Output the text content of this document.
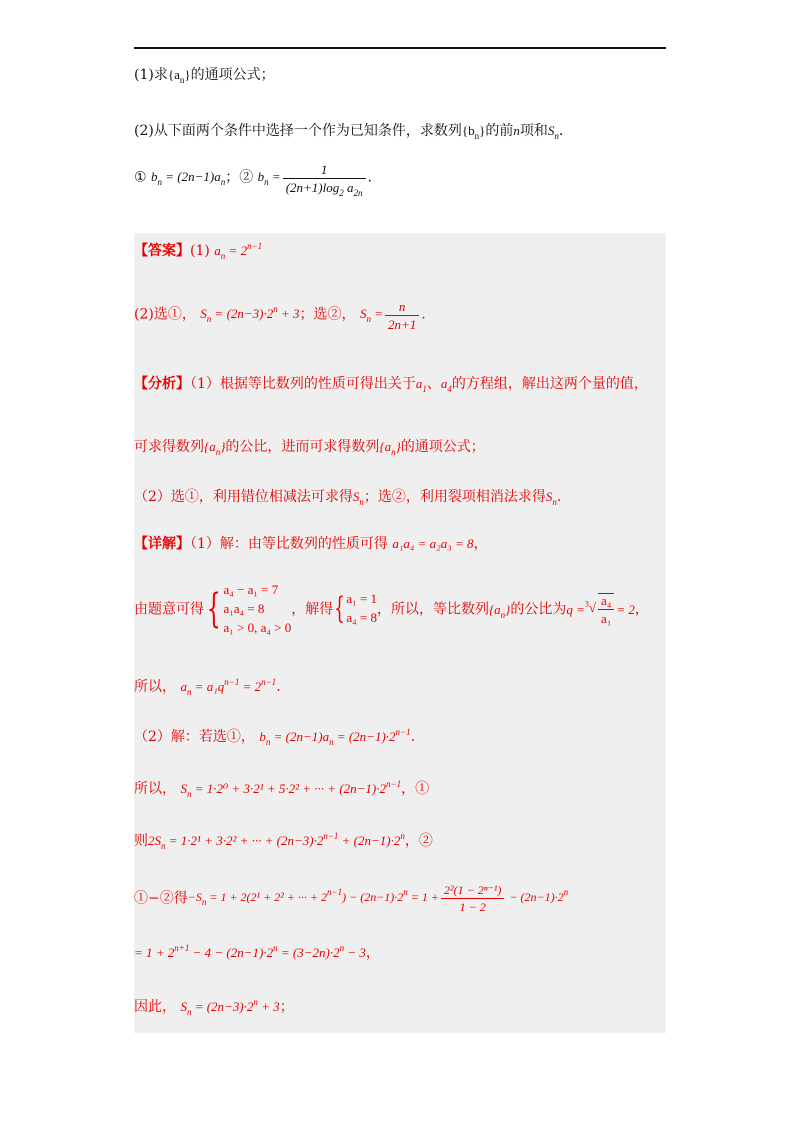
(1)求$\{a_n\}$的通项公式；
(2)从下面两个条件中选择一个作为已知条件，求数列$\{b_n\}$的前n项和$S_n$.
① $b_n = (2n-1)a_n$；② $b_n = \frac{1}{(2n+1)\log_2 a_{2n}}$ .
【答案】(1) $a_n = 2^{n-1}$
(2)选①， $S_n = (2n-3)\cdot 2^n + 3$；选②， $S_n = \frac{n}{2n+1}$ .
【分析】（1）根据等比数列的性质可得出关于$a_1$、$a_4$的方程组，解出这两个量的值，
可求得数列$\{a_n\}$的公比，进而可求得数列$\{a_n\}$的通项公式；
（2）选①，利用错位相减法可求得$S_n$；选②，利用裂项相消法求得$S_n$.
【详解】（1）解：由等比数列的性质可得 a₁a₄ = a₂a₃ = 8，
由题意可得{ a₄ − a₁ = 7
a₁a₄ = 8
a₁ > 0, a₄ > 0
，解得{ a₁ = 1
a₄ = 8
，所以，等比数列$\{a_n\}$的公比为$q =^3√ \frac{\text{a₄}}{\text{a₁}} = 2$，
所以， $a_n = a_1q^{n-1} = 2^{n-1}$.
（2）解：若选①， $b_n = (2n-1)a_n = (2n-1)\cdot 2^{n-1}$.
所以， $S_n = 1\cdot 2^0 + 3\cdot 2^1 + 5\cdot 2^2$ + ··· + $(2n-1)\cdot 2^{n-1}$，①
则$2S_n = 1\cdot 2^1 + 3\cdot 2^2$ + ··· + $(2n-3)\cdot 2^{n-1} + (2n-1)\cdot 2^n$，②
①−②得$-S_n = 1 + 2(2^1 + 2^2$ + ··· + $2^{n-1}) - (2n-1)\cdot 2^n = 1 + \frac{\text{2²(1 − 2ⁿ⁻¹)}}{1 - 2} - (2n-1)\cdot 2^n$
= $1 + 2^{n+1} - 4 - (2n-1)\cdot 2^n = (3-2n)\cdot 2^n - 3$，
因此， $S_n = (2n-3)\cdot 2^n + 3$；
